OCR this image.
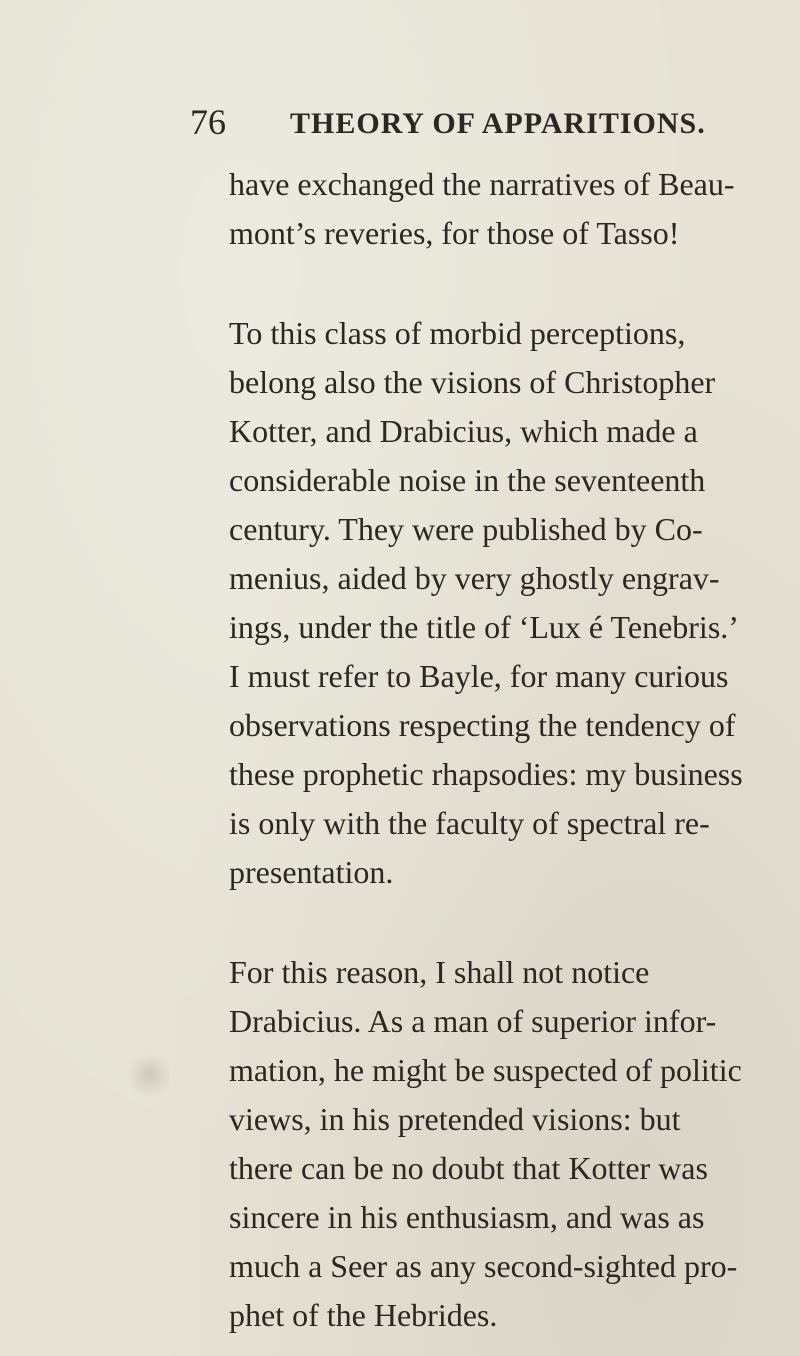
76 THEORY OF APPARITIONS.

have exchanged the narratives of Beau-
mont’s reveries, for those of Tasso!

To this class of morbid perceptions,
belong also the visions of Christopher
Kotter, and Drabicius, which made a
considerable noise in the seventeenth
century. They were published by Co-
menius, aided by very ghostly engrav-
ings, under the title of ‘Lux é Tenebris.’
I must refer to Bayle, for many curious
observations respecting the tendency of
these prophetic rhapsodies: my business
is only with the faculty of spectral re-
presentation.

For this reason, I shall not notice
Drabicius. As a man of superior infor-
mation, he might be suspected of politic
views, in his pretended visions: but
there can be no doubt that Kotter was
sincere in his enthusiasm, and was as
much a Seer as any second-sighted pro-
phet of the Hebrides.
